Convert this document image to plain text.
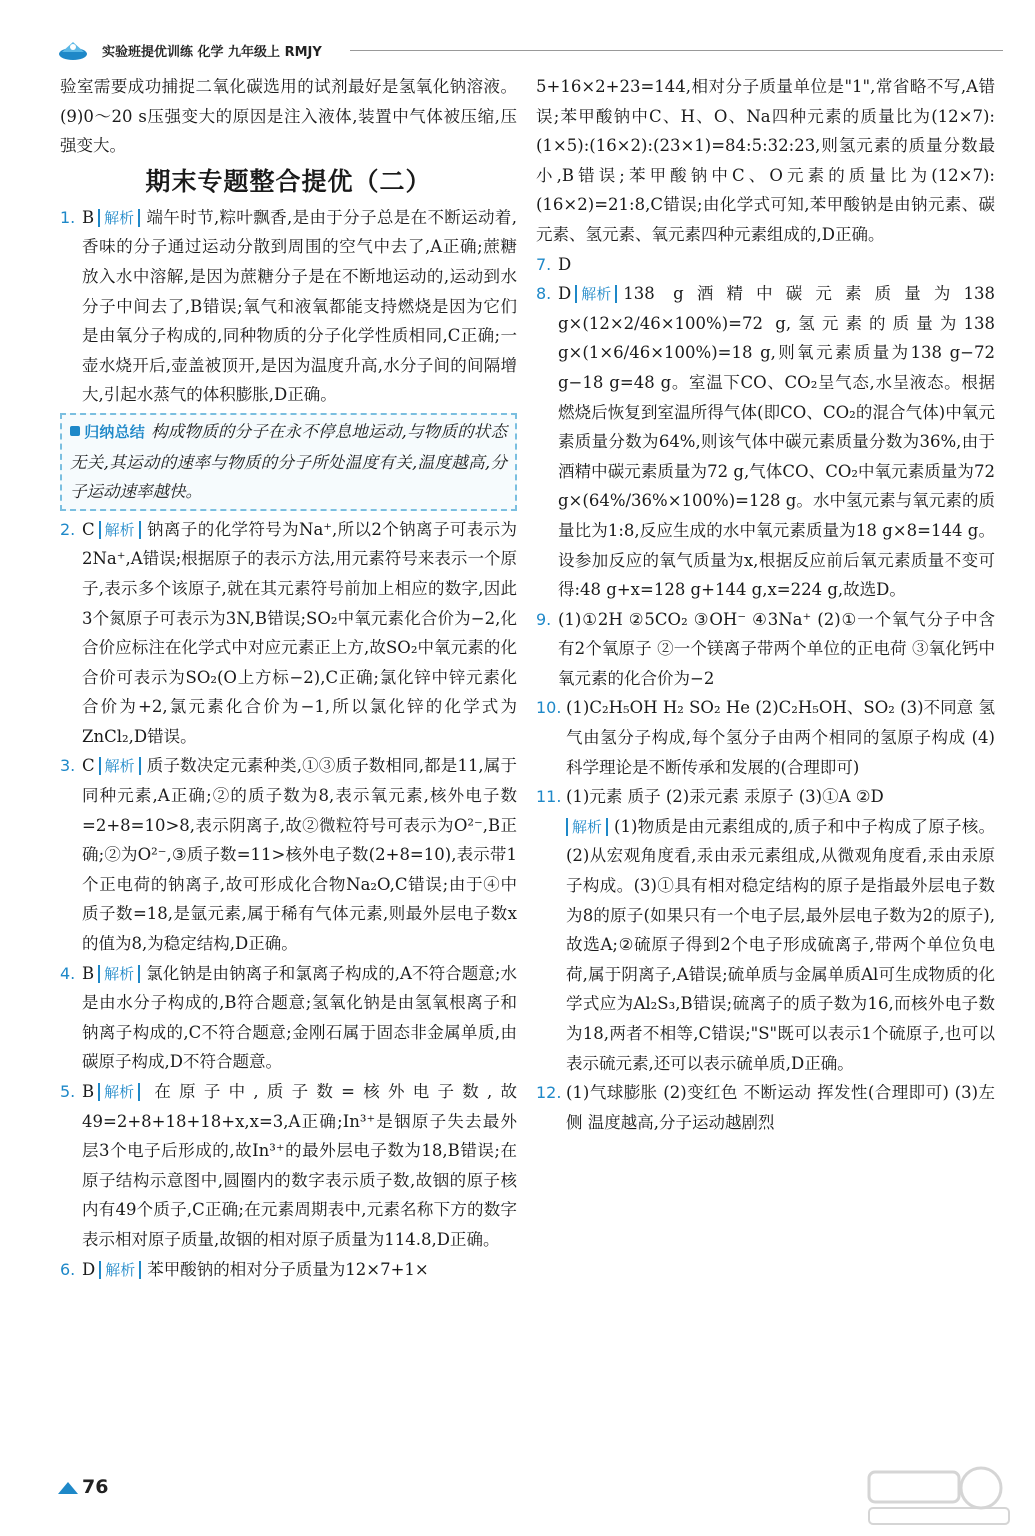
实验班提优训练 化学 九年级上 RMJY

验室需要成功捕捉二氧化碳选用的试剂最好是氢氧化钠溶液。(9)0～20 s压强变大的原因是注入液体,装置中气体被压缩,压强变大。

期末专题整合提优（二）

1. B 解析 端午时节,粽叶飘香,是由于分子总是在不断运动着,香味的分子通过运动分散到周围的空气中去了,A正确;蔗糖放入水中溶解,是因为蔗糖分子是在不断地运动的,运动到水分子中间去了,B错误;氧气和液氧都能支持燃烧是因为它们是由氧分子构成的,同种物质的分子化学性质相同,C正确;一壶水烧开后,壶盖被顶开,是因为温度升高,水分子间的间隔增大,引起水蒸气的体积膨胀,D正确。

归纳总结 构成物质的分子在永不停息地运动,与物质的状态无关,其运动的速率与物质的分子所处温度有关,温度越高,分子运动速率越快。

2. C 解析 钠离子的化学符号为Na⁺,所以2个钠离子可表示为2Na⁺,A错误;根据原子的表示方法,用元素符号来表示一个原子,表示多个该原子,就在其元素符号前加上相应的数字,因此3个氮原子可表示为3N,B错误;SO₂中氧元素化合价为−2,化合价应标注在化学式中对应元素正上方,故SO₂中氧元素的化合价可表示为SO₂(O上方标−2),C正确;氯化锌中锌元素化合价为+2,氯元素化合价为−1,所以氯化锌的化学式为ZnCl₂,D错误。

3. C 解析 质子数决定元素种类,①③质子数相同,都是11,属于同种元素,A正确;②的质子数为8,表示氧元素,核外电子数=2+8=10>8,表示阴离子,故②微粒符号可表示为O²⁻,B正确;②为O²⁻,③质子数=11>核外电子数(2+8=10),表示带1个正电荷的钠离子,故可形成化合物Na₂O,C错误;由于④中质子数=18,是氩元素,属于稀有气体元素,则最外层电子数x的值为8,为稳定结构,D正确。

4. B 解析 氯化钠是由钠离子和氯离子构成的,A不符合题意;水是由水分子构成的,B符合题意;氢氧化钠是由氢氧根离子和钠离子构成的,C不符合题意;金刚石属于固态非金属单质,由碳原子构成,D不符合题意。

5. B 解析 在原子中,质子数=核外电子数,故49=2+8+18+18+x,x=3,A正确;In³⁺是铟原子失去最外层3个电子后形成的,故In³⁺的最外层电子数为18,B错误;在原子结构示意图中,圆圈内的数字表示质子数,故铟的原子核内有49个质子,C正确;在元素周期表中,元素名称下方的数字表示相对原子质量,故铟的相对原子质量为114.8,D正确。

6. D 解析 苯甲酸钠的相对分子质量为12×7+1×

5+16×2+23=144,相对分子质量单位是"1",常省略不写,A错误;苯甲酸钠中C、H、O、Na四种元素的质量比为(12×7):(1×5):(16×2):(23×1)=84:5:32:23,则氢元素的质量分数最小,B错误;苯甲酸钠中C、O元素的质量比为(12×7):(16×2)=21:8,C错误;由化学式可知,苯甲酸钠是由钠元素、碳元素、氢元素、氧元素四种元素组成的,D正确。

7. D

8. D 解析 138 g酒精中碳元素质量为138 g×(12×2/46×100%)=72 g,氢元素的质量为138 g×(1×6/46×100%)=18 g,则氧元素质量为138 g−72 g−18 g=48 g。室温下CO、CO₂呈气态,水呈液态。根据燃烧后恢复到室温所得气体(即CO、CO₂的混合气体)中氧元素质量分数为64%,则该气体中碳元素质量分数为36%,由于酒精中碳元素质量为72 g,气体CO、CO₂中氧元素质量为72 g×(64%/36%×100%)=128 g。水中氢元素与氧元素的质量比为1:8,反应生成的水中氧元素质量为18 g×8=144 g。设参加反应的氧气质量为x,根据反应前后氧元素质量不变可得:48 g+x=128 g+144 g,x=224 g,故选D。

9. (1)①2H ②5CO₂ ③OH⁻ ④3Na⁺ (2)①一个氧气分子中含有2个氧原子 ②一个镁离子带两个单位的正电荷 ③氧化钙中氧元素的化合价为−2

10. (1)C₂H₅OH H₂ SO₂ He (2)C₂H₅OH、SO₂ (3)不同意 氢气由氢分子构成,每个氢分子由两个相同的氢原子构成 (4)科学理论是不断传承和发展的(合理即可)

11. (1)元素 质子 (2)汞元素 汞原子 (3)①A ②D

解析 (1)物质是由元素组成的,质子和中子构成了原子核。(2)从宏观角度看,汞由汞元素组成,从微观角度看,汞由汞原子构成。(3)①具有相对稳定结构的原子是指最外层电子数为8的原子(如果只有一个电子层,最外层电子数为2的原子),故选A;②硫原子得到2个电子形成硫离子,带两个单位负电荷,属于阴离子,A错误;硫单质与金属单质Al可生成物质的化学式应为Al₂S₃,B错误;硫离子的质子数为16,而核外电子数为18,两者不相等,C错误;"S"既可以表示1个硫原子,也可以表示硫元素,还可以表示硫单质,D正确。

12. (1)气球膨胀 (2)变红色 不断运动 挥发性(合理即可) (3)左侧 温度越高,分子运动越剧烈

76
